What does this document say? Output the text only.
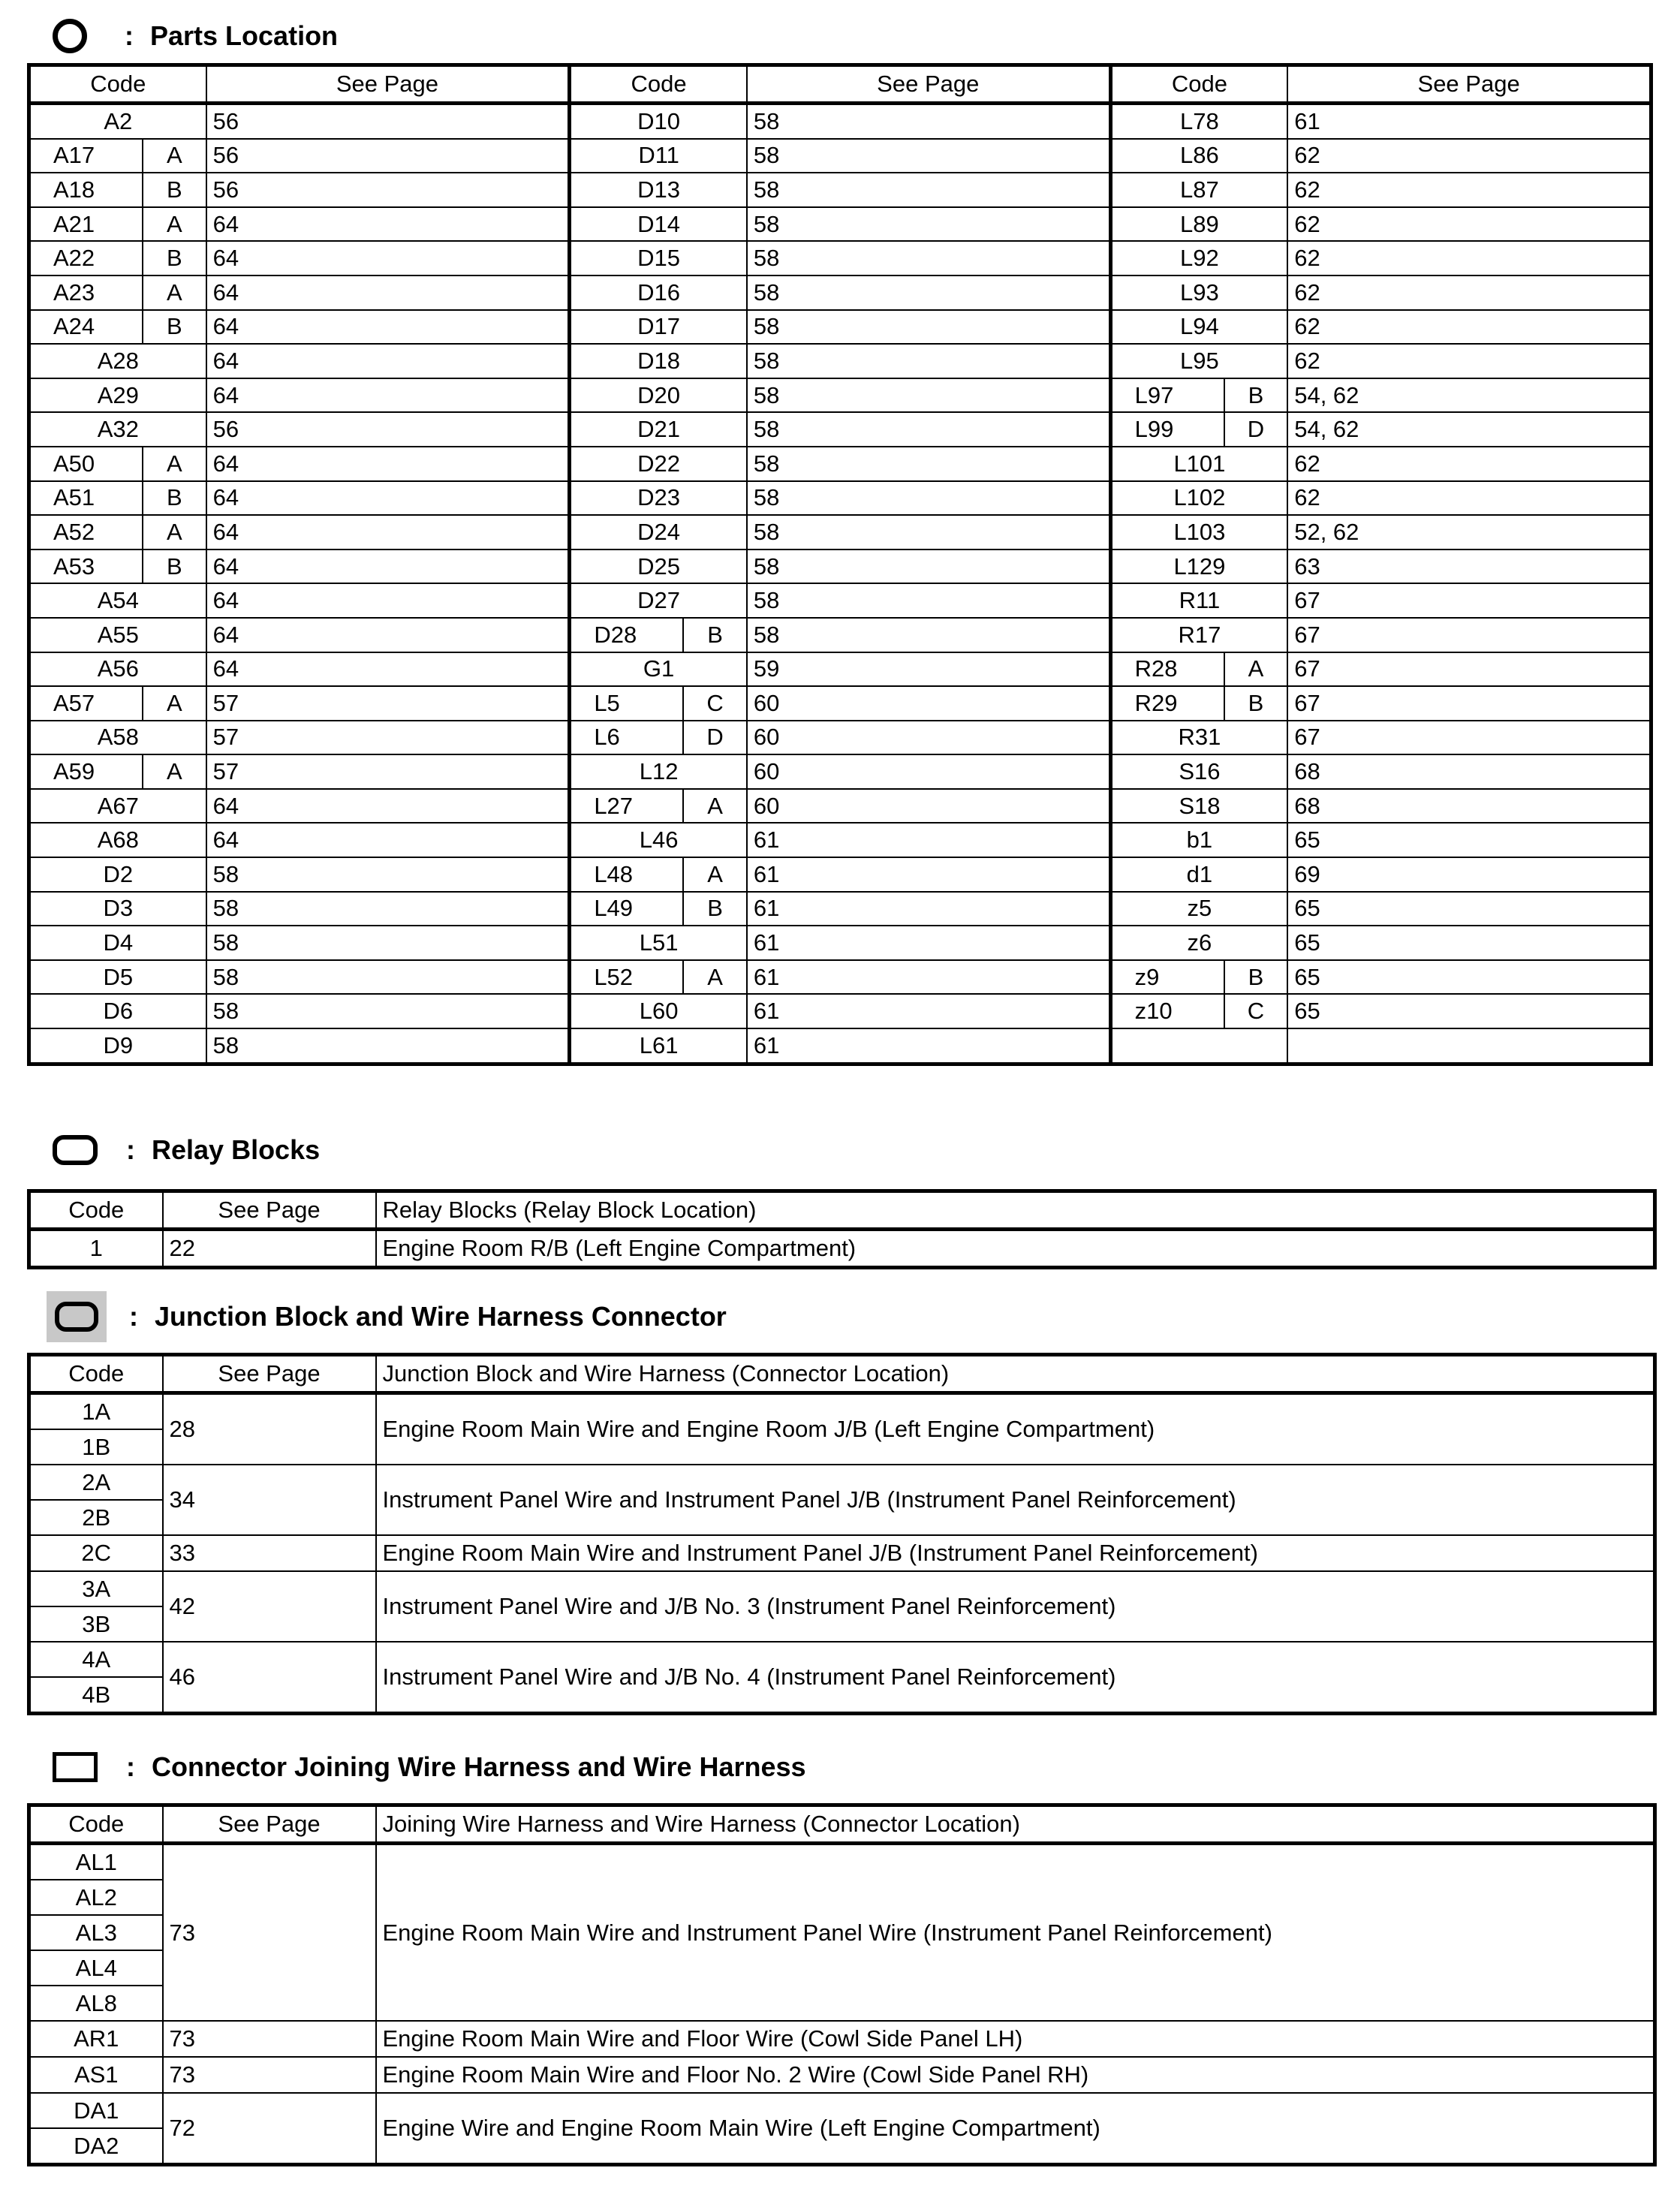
: Parts Location
Code	See Page	Code	See Page	Code	See Page
A2	56	D10	58	L78	61

A17 A	56	D11	58	L86	62

A18 B	56	D13	58	L87	62

A21 A	64	D14	58	L89	62

A22 B	64	D15	58	L92	62

A23 A	64	D16	58	L93	62

A24 B	64	D17	58	L94	62
A28	64	D18	58	L95	62
A29	64	D20	58	L97 B	54, 62
A32	56	D21	58	L99 D	54, 62

A50 A	64	D22	58	L101	62

A51 B	64	D23	58	L102	62

A52 A	64	D24	58	L103	52, 62

A53 B	64	D25	58	L129	63
A54	64	D27	58	R11	67
A55	64	D28 B	58	R17	67
A56	64	G1	59	R28 A	67

A57 A	57	L5 C	60	R29 B	67
A58	57	L6 D	60	R31	67

A59 A	57	L12	60	S16	68
A67	64	L27 A	60	S18	68
A68	64	L46	61	b1	65
D2	58	L48 A	61	d1	69
D3	58	L49 B	61	z5	65
D4	58	L51	61	z6	65
D5	58	L52 A	61	z9 B	65
D6	58	L60	61	z10 C	65
D9	58	L61	61		
: Relay Blocks
Code	See Page	Relay Blocks (Relay Block Location)
1	22	Engine Room R/B (Left Engine Compartment)
: Junction Block and Wire Harness Connector
Code	See Page	Junction Block and Wire Harness (Connector Location)
1A	28	Engine Room Main Wire and Engine Room J/B (Left Engine Compartment)
1B		
2A	34	Instrument Panel Wire and Instrument Panel J/B (Instrument Panel Reinforcement)
2B		
2C	33	Engine Room Main Wire and Instrument Panel J/B (Instrument Panel Reinforcement)
3A	42	Instrument Panel Wire and J/B No. 3 (Instrument Panel Reinforcement)
3B		
4A	46	Instrument Panel Wire and J/B No. 4 (Instrument Panel Reinforcement)
4B		
: Connector Joining Wire Harness and Wire Harness
Code	See Page	Joining Wire Harness and Wire Harness (Connector Location)
AL1	73	Engine Room Main Wire and Instrument Panel Wire (Instrument Panel Reinforcement)
AL2		
AL3		
AL4		
AL8		
AR1	73	Engine Room Main Wire and Floor Wire (Cowl Side Panel LH)
AS1	73	Engine Room Main Wire and Floor No. 2 Wire (Cowl Side Panel RH)
DA1	72	Engine Wire and Engine Room Main Wire (Left Engine Compartment)
DA2		
